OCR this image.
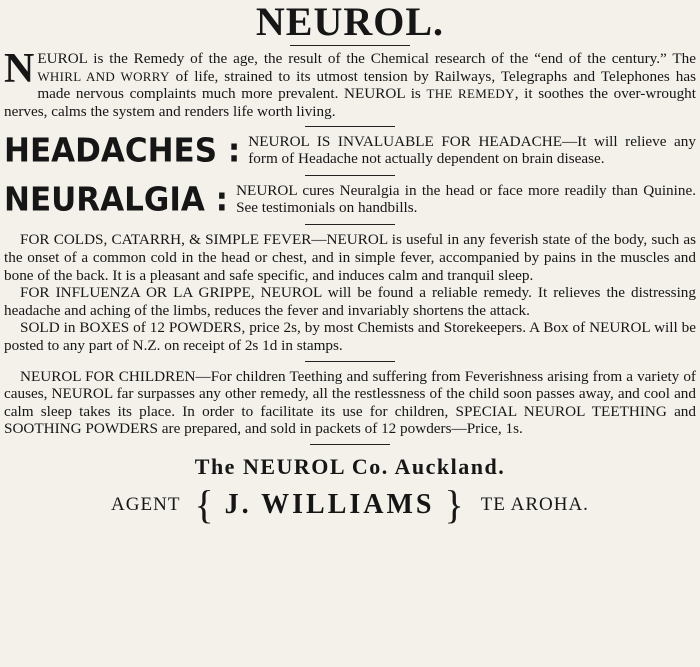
NEUROL.

NEUROL is the Remedy of the age, the result of the Chemical research of the “end of the century.” The WHIRL AND WORRY of life, strained to its utmost tension by Railways, Telegraphs and Telephones has made nervous complaints much more prevalent. NEUROL is THE REMEDY, it soothes the over-wrought nerves, calms the system and renders life worth living.

HEADACHES : NEUROL IS INVALUABLE FOR HEADACHE—It will relieve any form of Headache not actually dependent on brain disease.
NEURALGIA : NEUROL cures Neuralgia in the head or face more readily than Quinine. See testimonials on handbills.

FOR COLDS, CATARRH, & SIMPLE FEVER—NEUROL is useful in any feverish state of the body, such as the onset of a common cold in the head or chest, and in simple fever, accompanied by pains in the muscles and bone of the back. It is a pleasant and safe specific, and induces calm and tranquil sleep.

FOR INFLUENZA OR LA GRIPPE, NEUROL will be found a reliable remedy. It relieves the distressing headache and aching of the limbs, reduces the fever and invariably shortens the attack.

SOLD in BOXES of 12 POWDERS, price 2s, by most Chemists and Storekeepers. A Box of NEUROL will be posted to any part of N.Z. on receipt of 2s 1d in stamps.

NEUROL FOR CHILDREN—For children Teething and suffering from Feverishness arising from a variety of causes, NEUROL far surpasses any other remedy, all the restlessness of the child soon passes away, and cool and calm sleep takes its place. In order to facilitate its use for children, SPECIAL NEUROL TEETHING and SOOTHING POWDERS are prepared, and sold in packets of 12 powders—Price, 1s.

The NEUROL Co. Auckland.
AGENT { J. WILLIAMS } TE AROHA.
